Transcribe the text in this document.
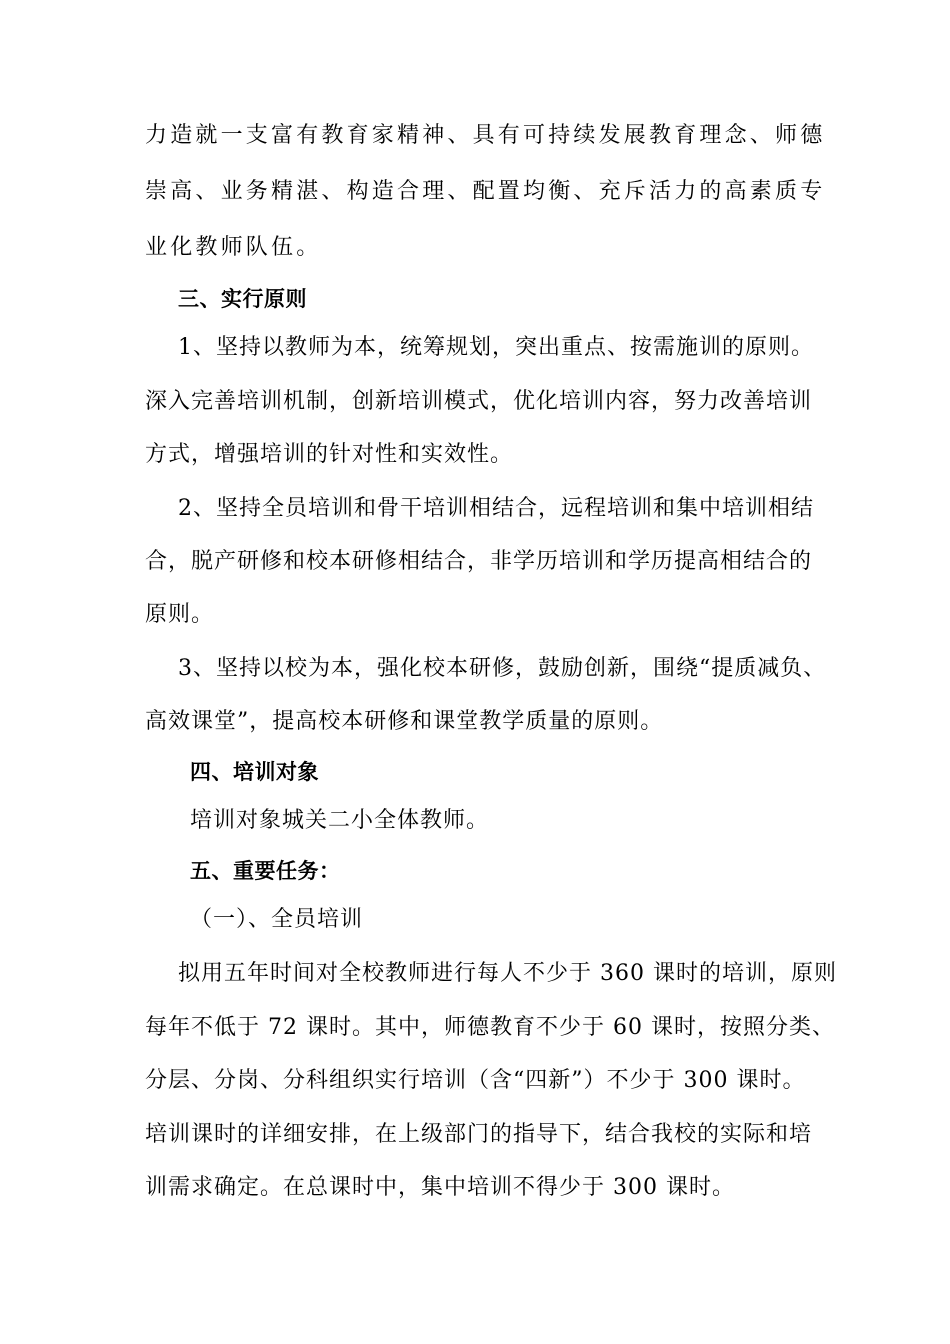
力造就一支富有教育家精神、具有可持续发展教育理念、师德
崇高、业务精湛、构造合理、配置均衡、充斥活力的高素质专
业化教师队伍。
三、实行原则
1、坚持以教师为本，统筹规划，突出重点、按需施训的原则。
深入完善培训机制，创新培训模式，优化培训内容，努力改善培训
方式，增强培训的针对性和实效性。
2、坚持全员培训和骨干培训相结合，远程培训和集中培训相结
合，脱产研修和校本研修相结合，非学历培训和学历提高相结合的
原则。
3、坚持以校为本，强化校本研修，鼓励创新，围绕“提质减负、
高效课堂”，提高校本研修和课堂教学质量的原则。
四、培训对象
培训对象城关二小全体教师。
五、重要任务：
（一）、全员培训
拟用五年时间对全校教师进行每人不少于 360 课时的培训，原则
每年不低于 72 课时。其中，师德教育不少于 60 课时，按照分类、
分层、分岗、分科组织实行培训（含“四新”）不少于 300 课时。
培训课时的详细安排，在上级部门的指导下，结合我校的实际和培
训需求确定。在总课时中，集中培训不得少于 300 课时。
